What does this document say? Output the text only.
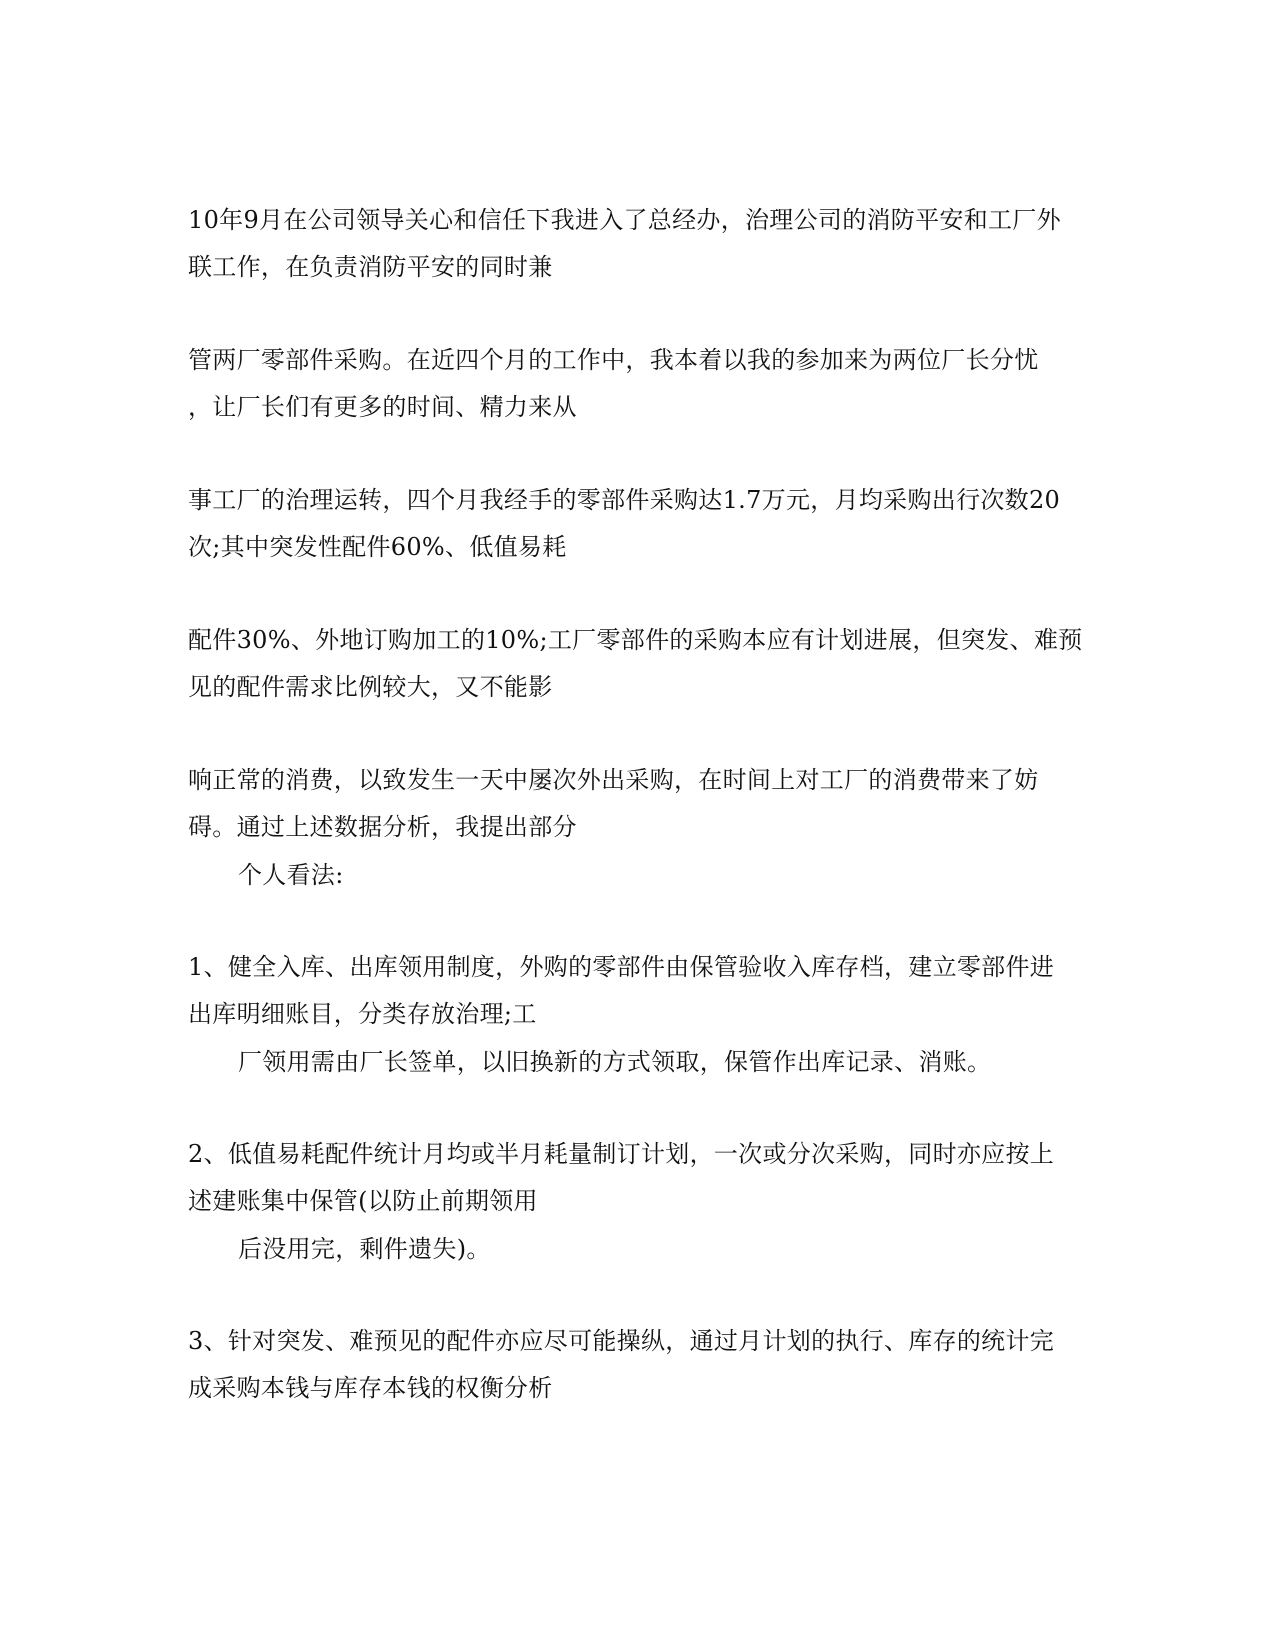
10年9月在公司领导关心和信任下我进入了总经办，治理公司的消防平安和工厂外
联工作，在负责消防平安的同时兼
管两厂零部件采购。在近四个月的工作中，我本着以我的参加来为两位厂长分忧
，让厂长们有更多的时间、精力来从
事工厂的治理运转，四个月我经手的零部件采购达1.7万元，月均采购出行次数20
次;其中突发性配件60%、低值易耗
配件30%、外地订购加工的10%;工厂零部件的采购本应有计划进展，但突发、难预
见的配件需求比例较大，又不能影
响正常的消费，以致发生一天中屡次外出采购，在时间上对工厂的消费带来了妨
碍。通过上述数据分析，我提出部分
个人看法:
1、健全入库、出库领用制度，外购的零部件由保管验收入库存档，建立零部件进
出库明细账目，分类存放治理;工
厂领用需由厂长签单，以旧换新的方式领取，保管作出库记录、消账。
2、低值易耗配件统计月均或半月耗量制订计划，一次或分次采购，同时亦应按上
述建账集中保管(以防止前期领用
后没用完，剩件遗失)。
3、针对突发、难预见的配件亦应尽可能操纵，通过月计划的执行、库存的统计完
成采购本钱与库存本钱的权衡分析
